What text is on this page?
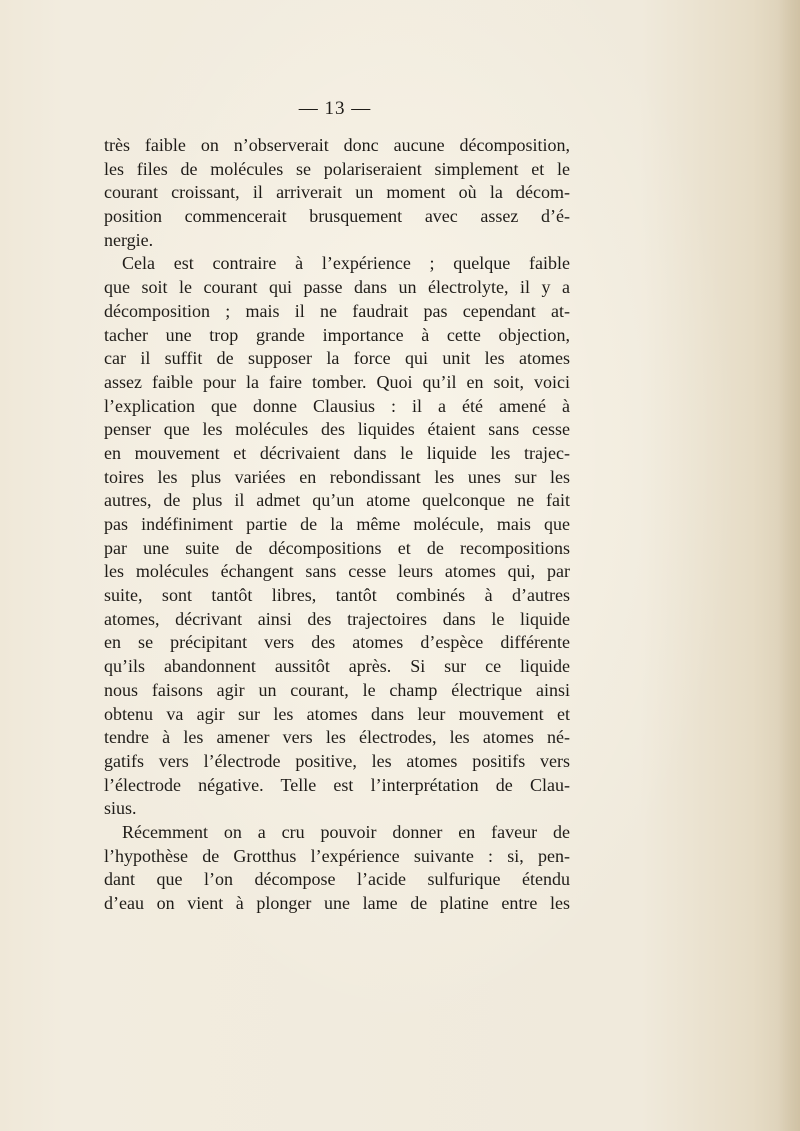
— 13 —
très faible on n’observerait donc aucune décomposition,
les files de molécules se polariseraient simplement et le
courant croissant, il arriverait un moment où la décom-
position commencerait brusquement avec assez d’é-
nergie.
Cela est contraire à l’expérience ; quelque faible
que soit le courant qui passe dans un électrolyte, il y a
décomposition ; mais il ne faudrait pas cependant at-
tacher une trop grande importance à cette objection,
car il suffit de supposer la force qui unit les atomes
assez faible pour la faire tomber. Quoi qu’il en soit, voici
l’explication que donne Clausius : il a été amené à
penser que les molécules des liquides étaient sans cesse
en mouvement et décrivaient dans le liquide les trajec-
toires les plus variées en rebondissant les unes sur les
autres, de plus il admet qu’un atome quelconque ne fait
pas indéfiniment partie de la même molécule, mais que
par une suite de décompositions et de recompositions
les molécules échangent sans cesse leurs atomes qui, par
suite, sont tantôt libres, tantôt combinés à d’autres
atomes, décrivant ainsi des trajectoires dans le liquide
en se précipitant vers des atomes d’espèce différente
qu’ils abandonnent aussitôt après. Si sur ce liquide
nous faisons agir un courant, le champ électrique ainsi
obtenu va agir sur les atomes dans leur mouvement et
tendre à les amener vers les électrodes, les atomes né-
gatifs vers l’électrode positive, les atomes positifs vers
l’électrode négative. Telle est l’interprétation de Clau-
sius.
Récemment on a cru pouvoir donner en faveur de
l’hypothèse de Grotthus l’expérience suivante : si, pen-
dant que l’on décompose l’acide sulfurique étendu
d’eau on vient à plonger une lame de platine entre les
